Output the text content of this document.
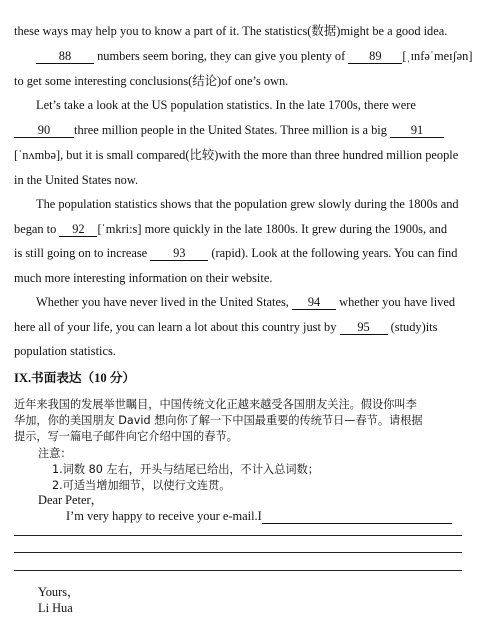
these ways may help you to know a part of it. The statistics(数据)might be a good idea.
88 numbers seem boring, they can give you plenty of 89 [ˌɪnfəˈmeɪʃən]
to get some interesting conclusions(结论)of one’s own.
Let’s take a look at the US population statistics. In the late 1700s, there were
90 three million people in the United States. Three million is a big 91
[ˈnʌmbə], but it is small compared(比较)with the more than three hundred million people
in the United States now.
The population statistics shows that the population grew slowly during the 1800s and
began to 92 [ˈmkri:s] more quickly in the late 1800s. It grew during the 1900s, and
is still going on to increase 93 (rapid). Look at the following years. You can find
much more interesting information on their website.
Whether you have never lived in the United States, 94 whether you have lived
here all of your life, you can learn a lot about this country just by 95 (study)its
population statistics.
IX.书面表达（10 分）
近年来我国的发展举世瞩目，中国传统文化正越来越受各国朋友关注。假设你叫李
华加，你的美国朋友 David 想向你了解一下中国最重要的传统节日—春节。请根据
提示，写一篇电子邮件向它介绍中国的春节。
注意：
1.词数 80 左右，开头与结尾已给出，不计入总词数；
2.可适当增加细节，以使行文连贯。
Dear Peter，
I’m very happy to receive your e-mail.I
Yours，
Li Hua
